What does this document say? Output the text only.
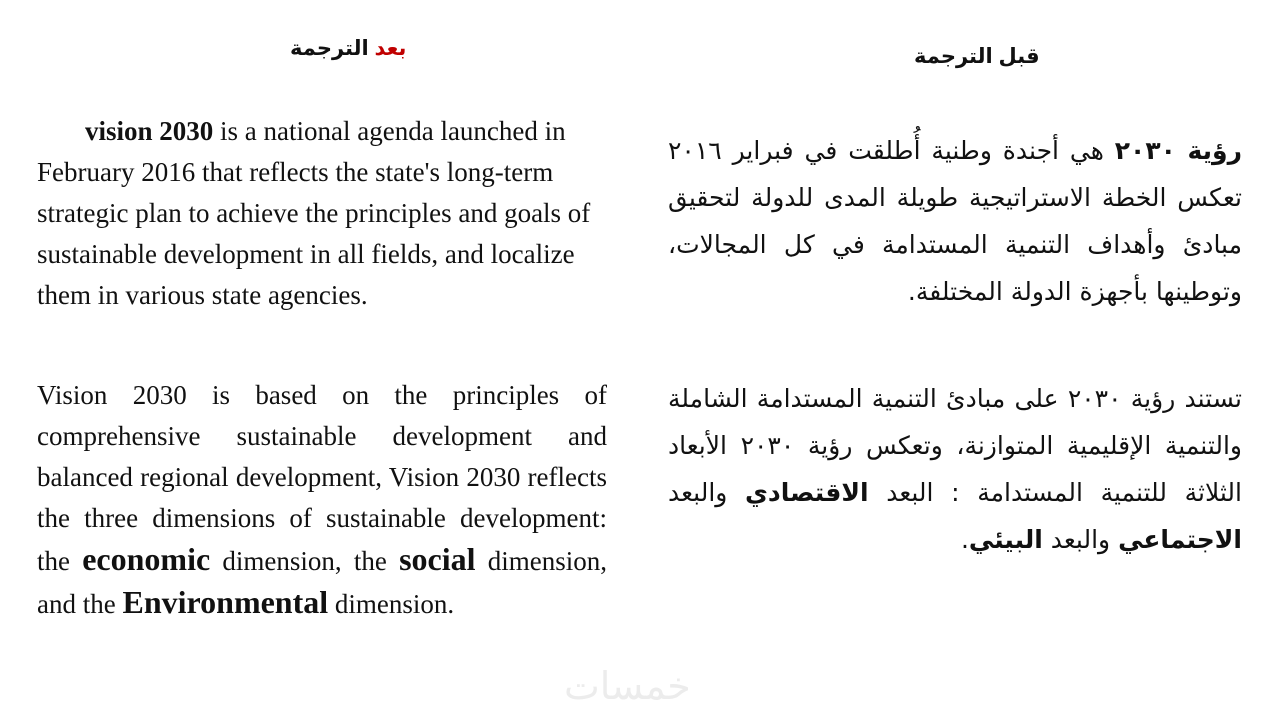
بعد الترجمة	قبل الترجمة
vision 2030 is a national agenda launched in February 2016 that reflects the state's long-term strategic plan to achieve the principles and goals of sustainable development in all fields, and localize them in various state agencies.
Vision 2030 is based on the principles of comprehensive sustainable development and balanced regional development, Vision 2030 reflects the three dimensions of sustainable development: the economic dimension, the social dimension, and the Environmental dimension.
رؤية ٢٠٣٠ هي أجندة وطنية أُطلقت في فبراير ٢٠١٦ تعكس الخطة الاستراتيجية طويلة المدى للدولة لتحقيق مبادئ وأهداف التنمية المستدامة في كل المجالات، وتوطينها بأجهزة الدولة المختلفة.
تستند رؤية ٢٠٣٠ على مبادئ التنمية المستدامة الشاملة والتنمية الإقليمية المتوازنة، وتعكس رؤية ٢٠٣٠ الأبعاد الثلاثة للتنمية المستدامة : البعد الاقتصادي والبعد الاجتماعي والبعد البيئي.
خمسات
